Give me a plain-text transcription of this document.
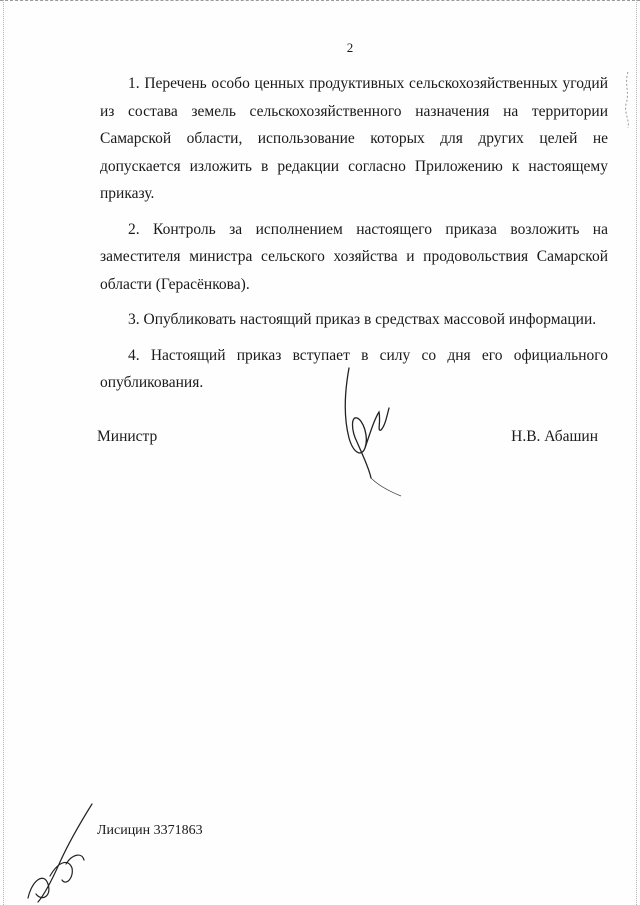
2

1. Перечень особо ценных продуктивных сельскохозяйственных угодий из состава земель сельскохозяйственного назначения на территории Самарской области, использование которых для других целей не допускается изложить в редакции согласно Приложению к настоящему приказу.

2. Контроль за исполнением настоящего приказа возложить на заместителя министра сельского хозяйства и продовольствия Самарской области (Герасёнкова).

3. Опубликовать настоящий приказ в средствах массовой информации.

4. Настоящий приказ вступает в силу со дня его официального опубликования.

Министр	Н.В. Абашин
Лисицин 3371863
